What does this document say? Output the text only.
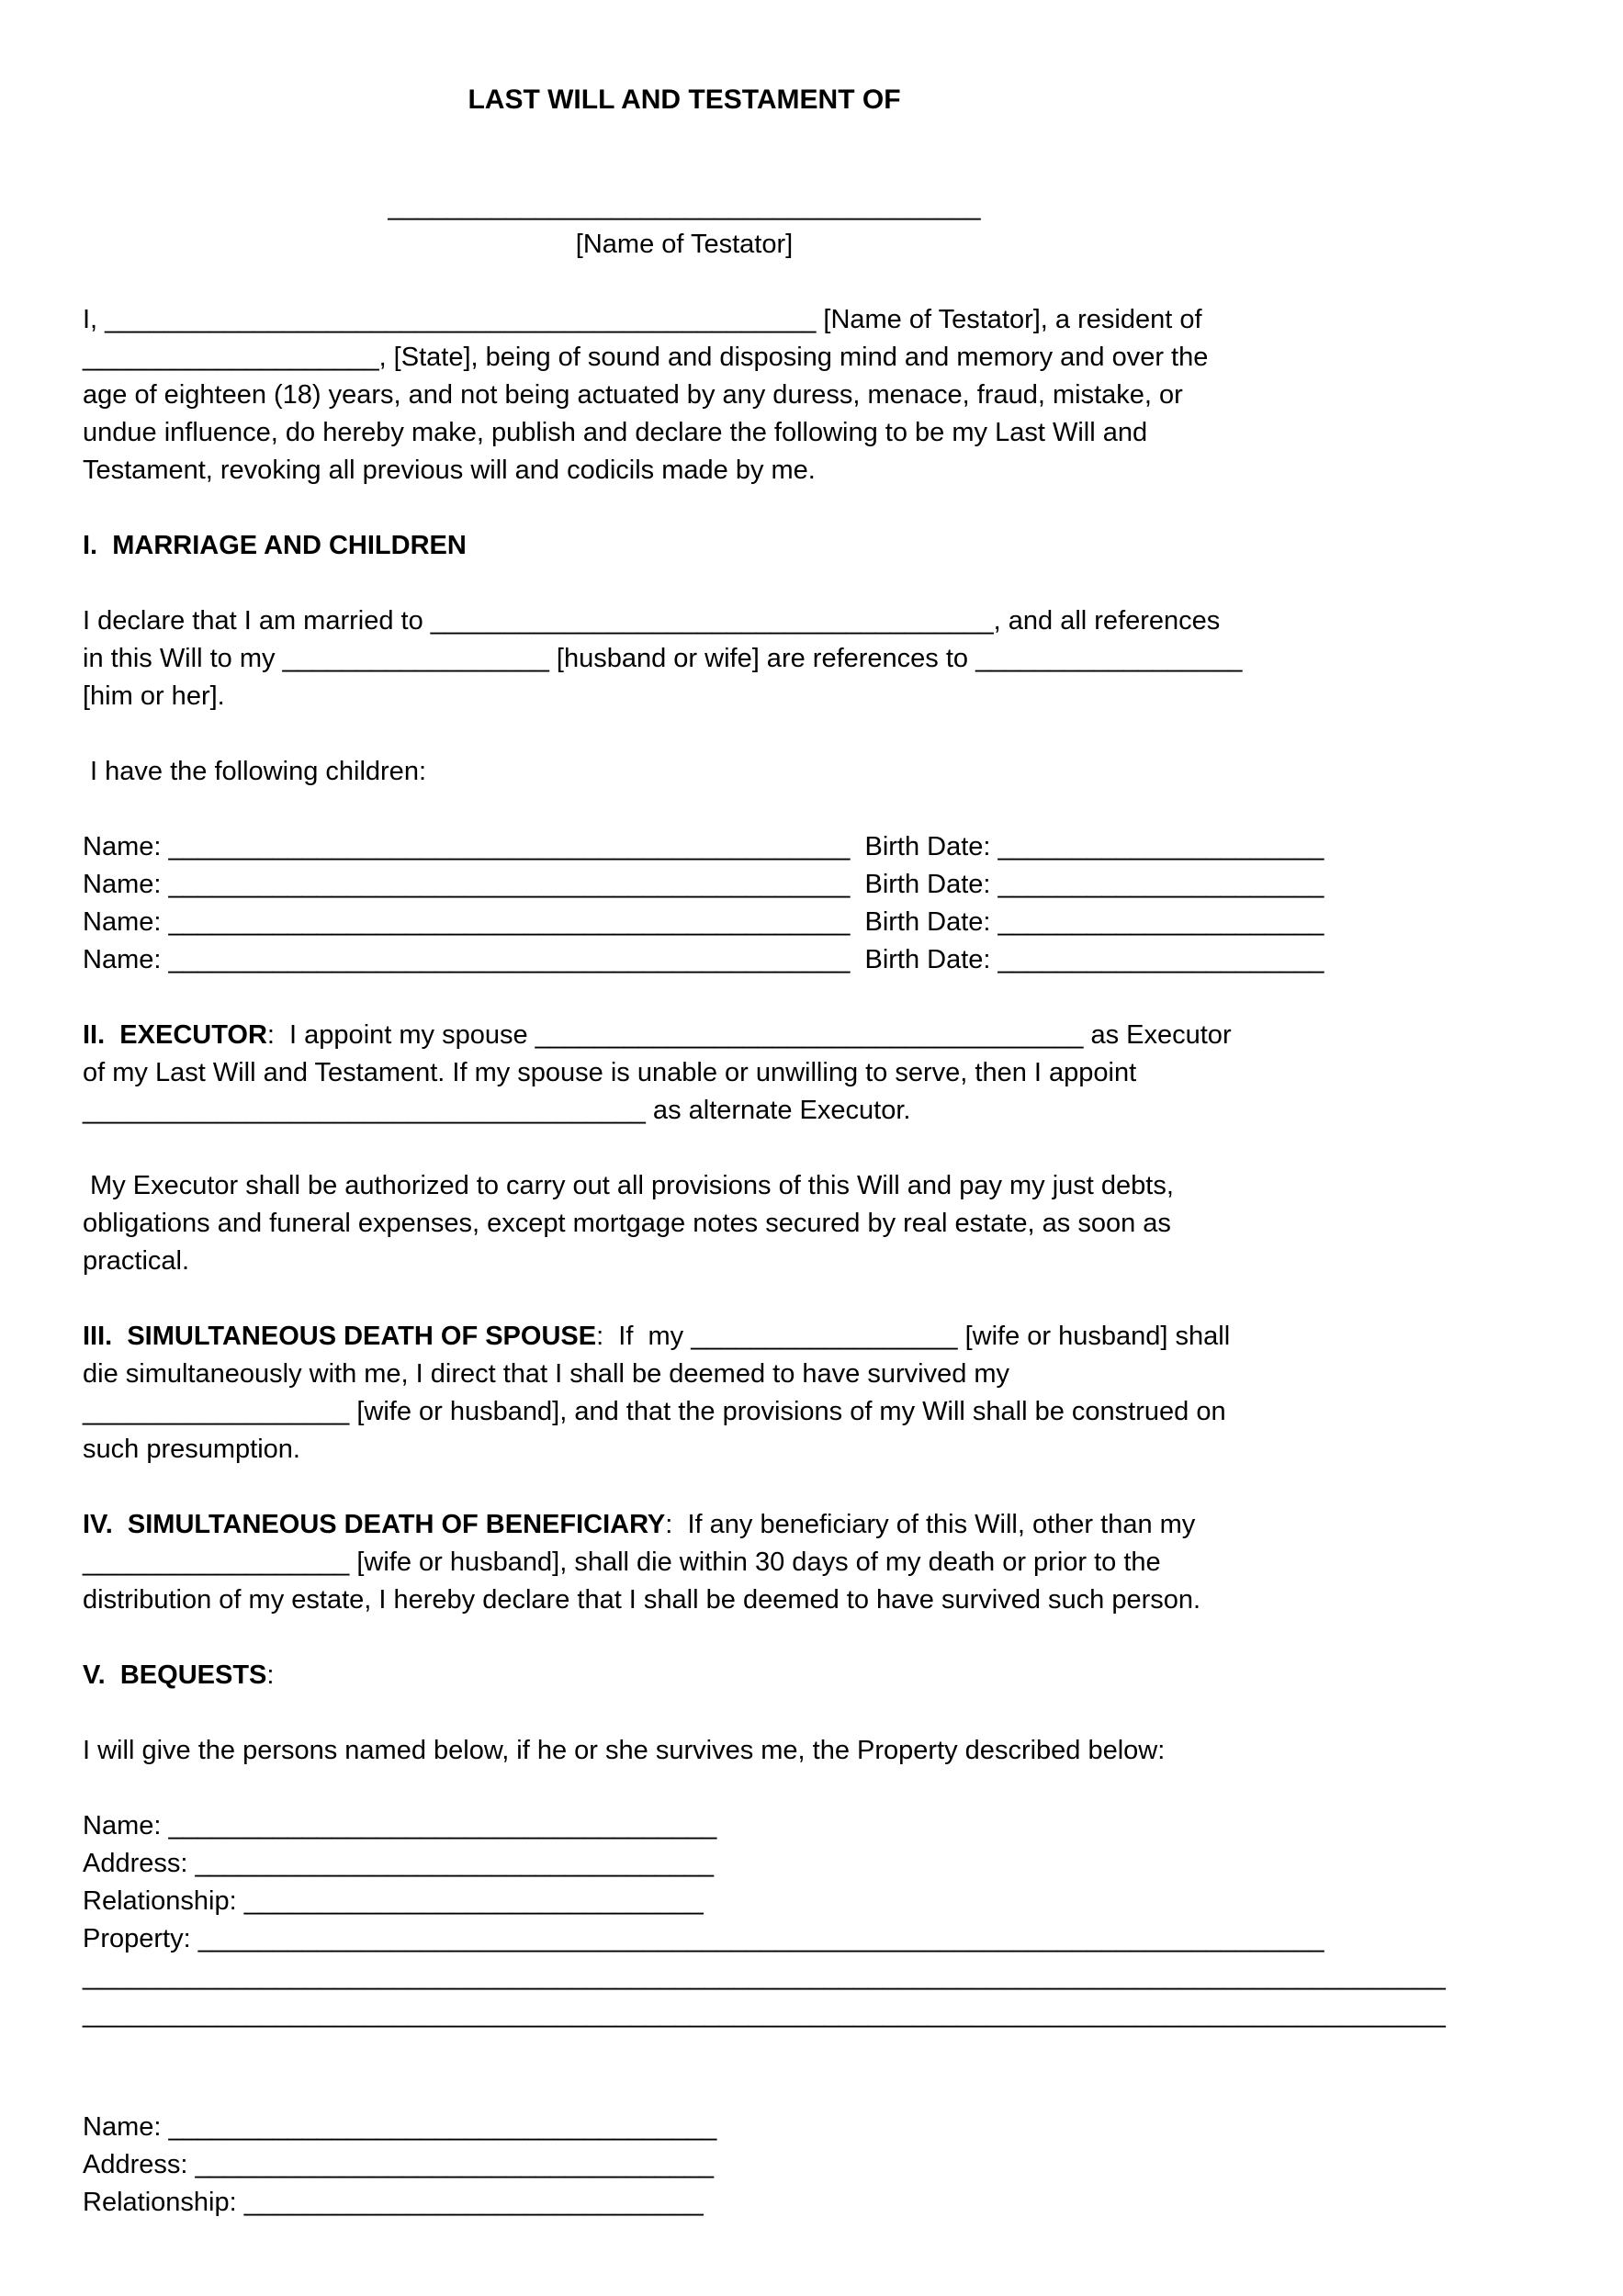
LAST WILL AND TESTAMENT OF
________________________________________
[Name of Testator]
I, ________________________________________________ [Name of Testator], a resident of
____________________, [State], being of sound and disposing mind and memory and over the
age of eighteen (18) years, and not being actuated by any duress, menace, fraud, mistake, or
undue influence, do hereby make, publish and declare the following to be my Last Will and
Testament, revoking all previous will and codicils made by me.
I.  MARRIAGE AND CHILDREN
I declare that I am married to ______________________________________, and all references
in this Will to my __________________ [husband or wife] are references to __________________
[him or her].
I have the following children:
Name: ______________________________________________  Birth Date: ______________________
Name: ______________________________________________  Birth Date: ______________________
Name: ______________________________________________  Birth Date: ______________________
Name: ______________________________________________  Birth Date: ______________________
II.  EXECUTOR:  I appoint my spouse _____________________________________ as Executor
of my Last Will and Testament. If my spouse is unable or unwilling to serve, then I appoint
______________________________________ as alternate Executor.
My Executor shall be authorized to carry out all provisions of this Will and pay my just debts,
obligations and funeral expenses, except mortgage notes secured by real estate, as soon as
practical.
III.  SIMULTANEOUS DEATH OF SPOUSE:  If  my __________________ [wife or husband] shall
die simultaneously with me, I direct that I shall be deemed to have survived my
__________________ [wife or husband], and that the provisions of my Will shall be construed on
such presumption.
IV.  SIMULTANEOUS DEATH OF BENEFICIARY:  If any beneficiary of this Will, other than my
__________________ [wife or husband], shall die within 30 days of my death or prior to the
distribution of my estate, I hereby declare that I shall be deemed to have survived such person.
V.  BEQUESTS:
I will give the persons named below, if he or she survives me, the Property described below:
Name: _____________________________________
Address: ___________________________________
Relationship: _______________________________
Property: ____________________________________________________________________________
____________________________________________________________________________________________
____________________________________________________________________________________________
Name: _____________________________________
Address: ___________________________________
Relationship: _______________________________
